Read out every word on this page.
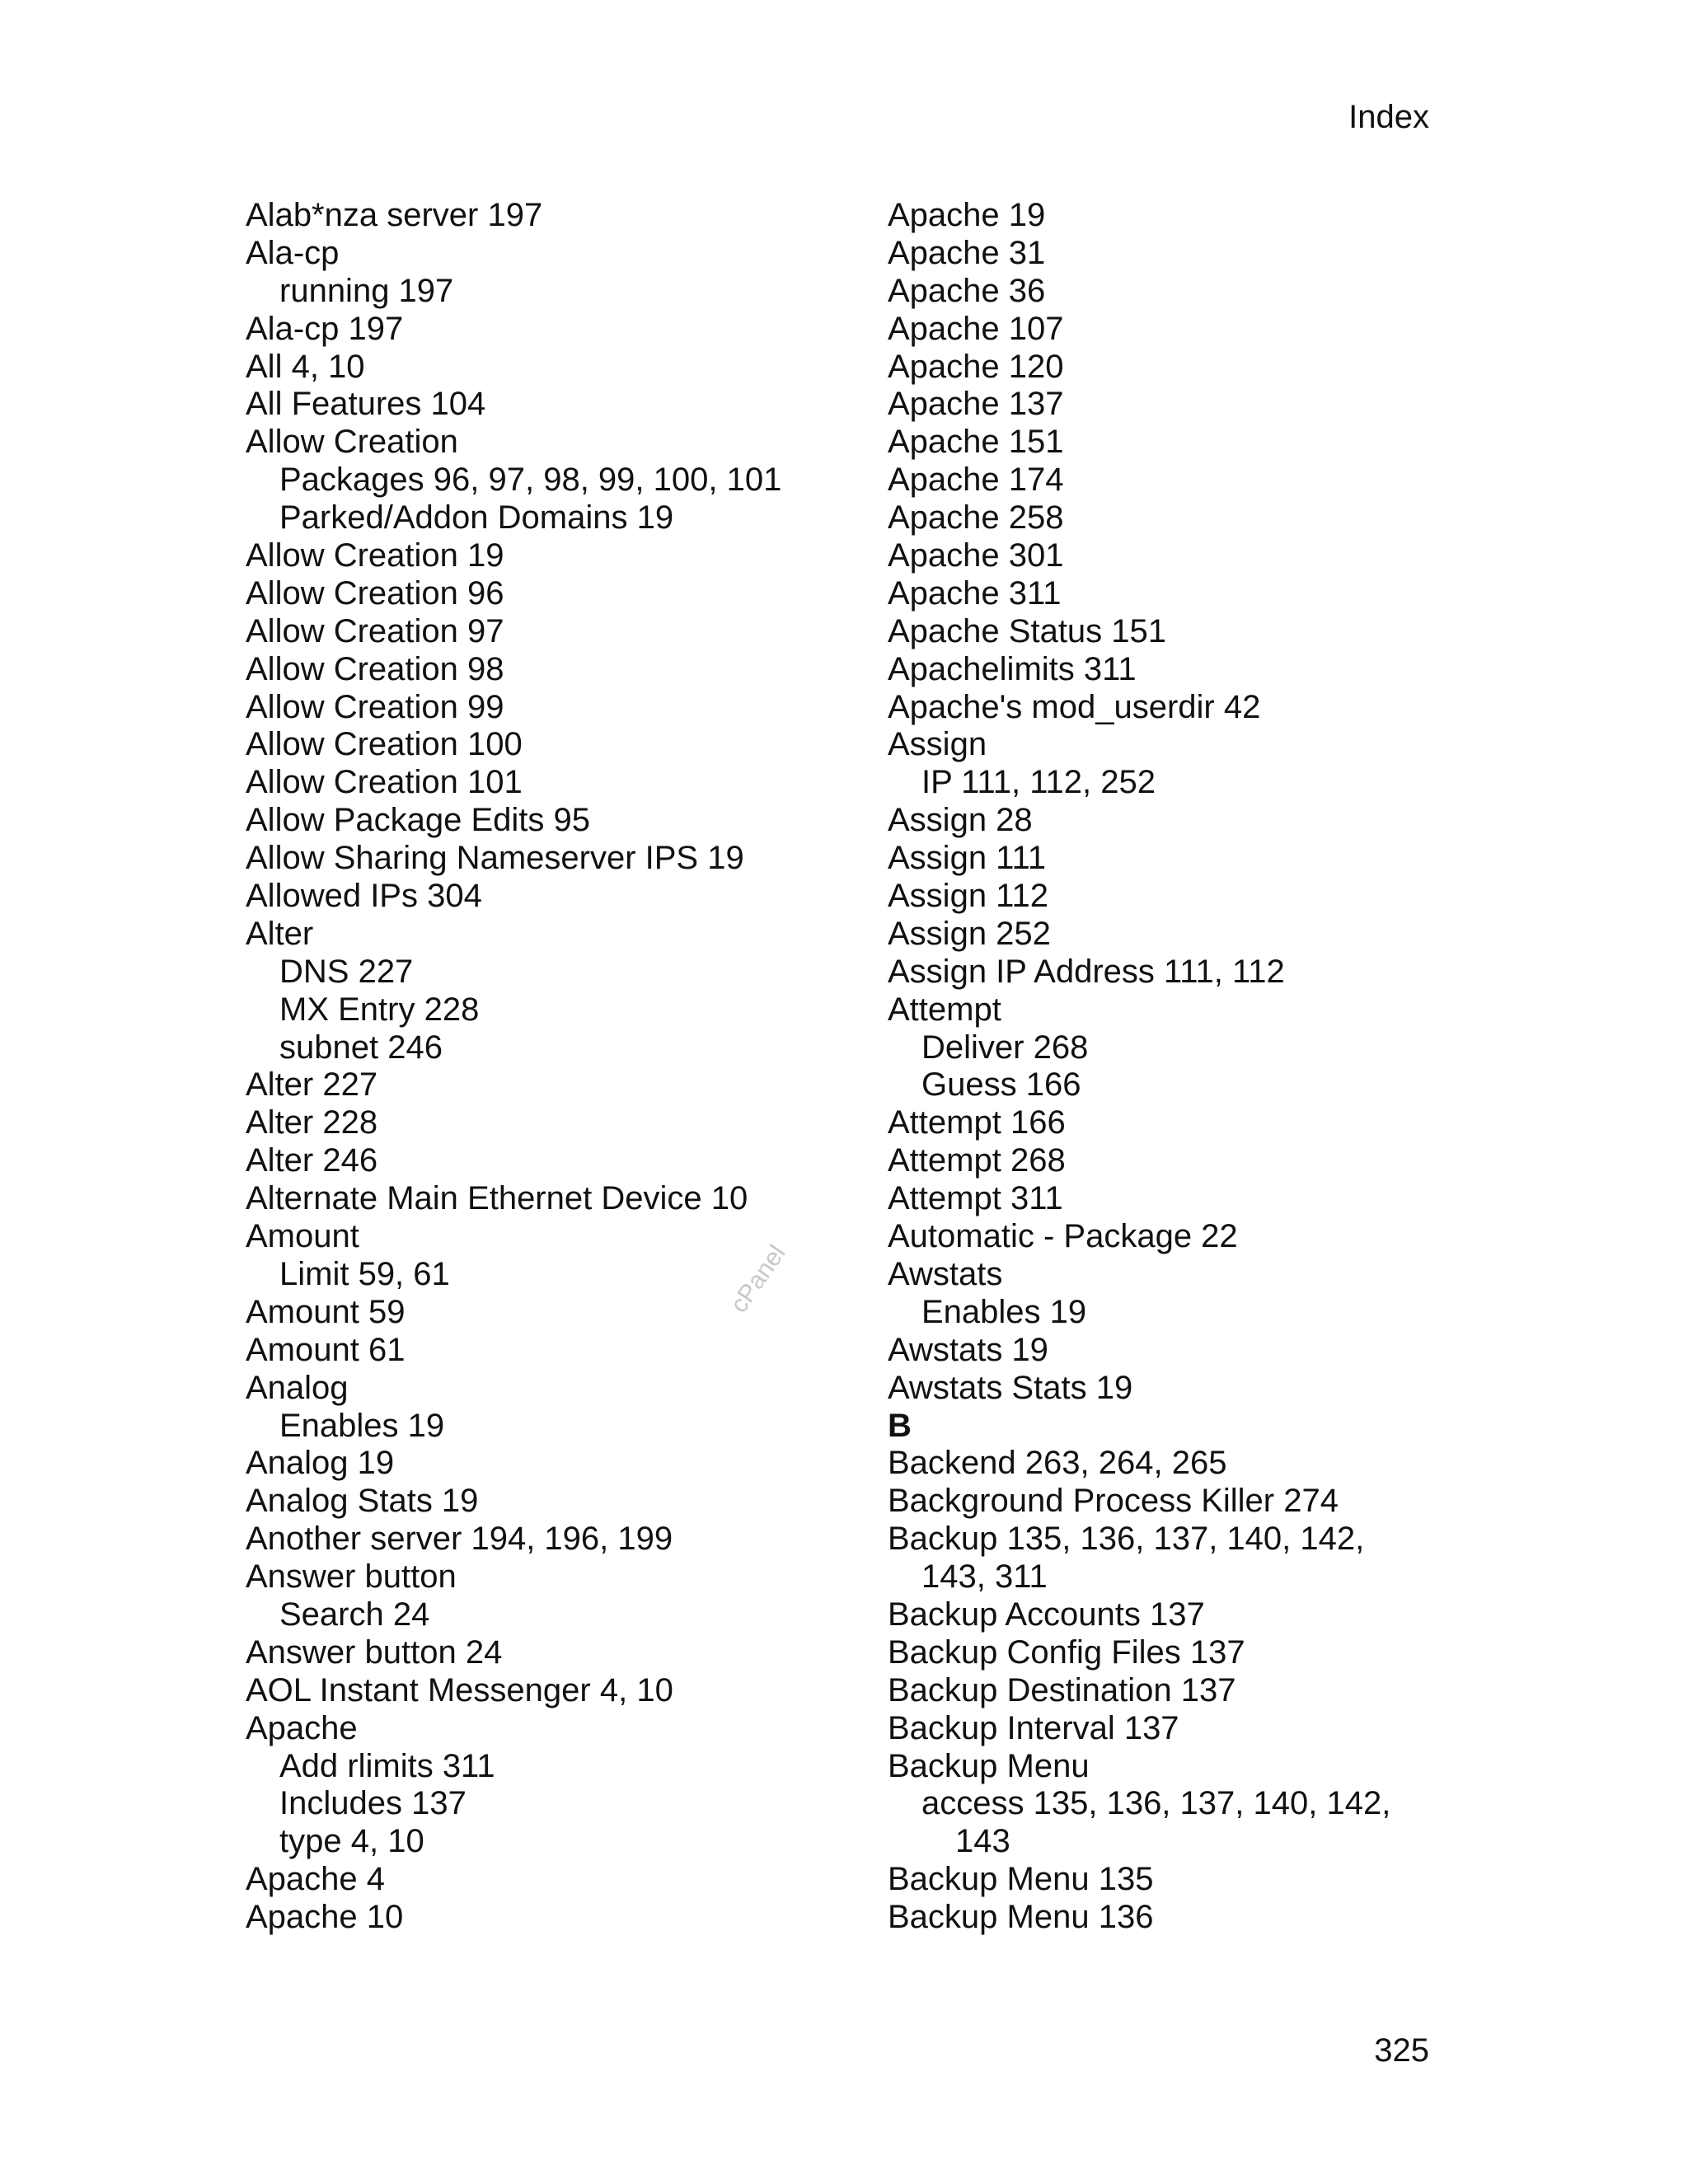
Index
Alab*nza server 197
Ala-cp
running 197
Ala-cp 197
All 4, 10
All Features 104
Allow Creation
Packages 96, 97, 98, 99, 100, 101
Parked/Addon Domains 19
Allow Creation 19
Allow Creation 96
Allow Creation 97
Allow Creation 98
Allow Creation 99
Allow Creation 100
Allow Creation 101
Allow Package Edits 95
Allow Sharing Nameserver IPS 19
Allowed IPs 304
Alter
DNS 227
MX Entry 228
subnet 246
Alter 227
Alter 228
Alter 246
Alternate Main Ethernet Device 10
Amount
Limit 59, 61
Amount 59
Amount 61
Analog
Enables 19
Analog 19
Analog Stats 19
Another server 194, 196, 199
Answer button
Search 24
Answer button 24
AOL Instant Messenger 4, 10
Apache
Add rlimits 311
Includes 137
type 4, 10
Apache 4
Apache 10
Apache 19
Apache 31
Apache 36
Apache 107
Apache 120
Apache 137
Apache 151
Apache 174
Apache 258
Apache 301
Apache 311
Apache Status 151
Apachelimits 311
Apache's mod_userdir 42
Assign
IP 111, 112, 252
Assign 28
Assign 111
Assign 112
Assign 252
Assign IP Address 111, 112
Attempt
Deliver 268
Guess 166
Attempt 166
Attempt 268
Attempt 311
Automatic - Package 22
Awstats
Enables 19
Awstats 19
Awstats Stats 19
B
Backend 263, 264, 265
Background Process Killer 274
Backup 135, 136, 137, 140, 142,
143, 311
Backup Accounts 137
Backup Config Files 137
Backup Destination 137
Backup Interval 137
Backup Menu
access 135, 136, 137, 140, 142,
143
Backup Menu 135
Backup Menu 136
cPanel
325
